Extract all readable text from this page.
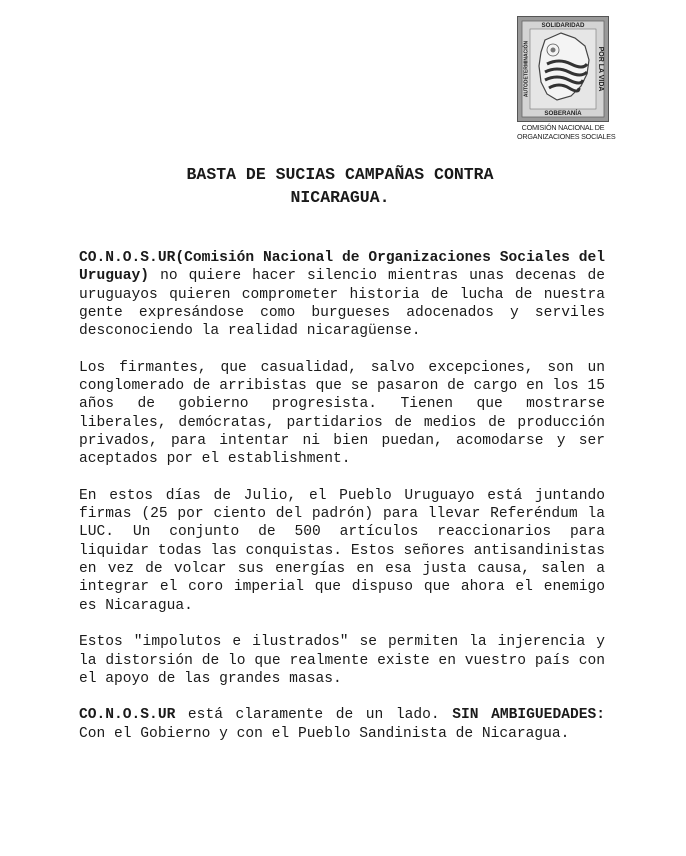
SOLIDARIDAD
SOBERANÍA
AUTODETERMINACIÓN	POR LA VIDA
COMISIÓN NACIONAL DE
ORGANIZACIONES SOCIALES
BASTA DE SUCIAS CAMPAÑAS CONTRA
NICARAGUA.

CO.N.O.S.UR(Comisión Nacional de Organizaciones Sociales del Uruguay) no quiere hacer silencio mientras unas decenas de uruguayos quieren comprometer historia de lucha de nuestra gente expresándose como burgueses adocenados y serviles desconociendo la realidad nicaragüense.

Los firmantes, que casualidad, salvo excepciones, son un conglomerado de arribistas que se pasaron de cargo en los 15 años de gobierno progresista. Tienen que mostrarse liberales, demócratas, partidarios de medios de producción privados, para intentar ni bien puedan, acomodarse y ser aceptados por el establishment.

En estos días de Julio, el Pueblo Uruguayo está juntando firmas (25 por ciento del padrón) para llevar Referéndum la LUC. Un conjunto de 500 artículos reaccionarios para liquidar todas las conquistas. Estos señores antisandinistas en vez de volcar sus energías en esa justa causa, salen a integrar el coro imperial que dispuso que ahora el enemigo es Nicaragua.

Estos "impolutos e ilustrados" se permiten la injerencia y la distorsión de lo que realmente existe en vuestro país con el apoyo de las grandes masas.

CO.N.O.S.UR está claramente de un lado. SIN AMBIGUEDADES: Con el Gobierno y con el Pueblo Sandinista de Nicaragua.
